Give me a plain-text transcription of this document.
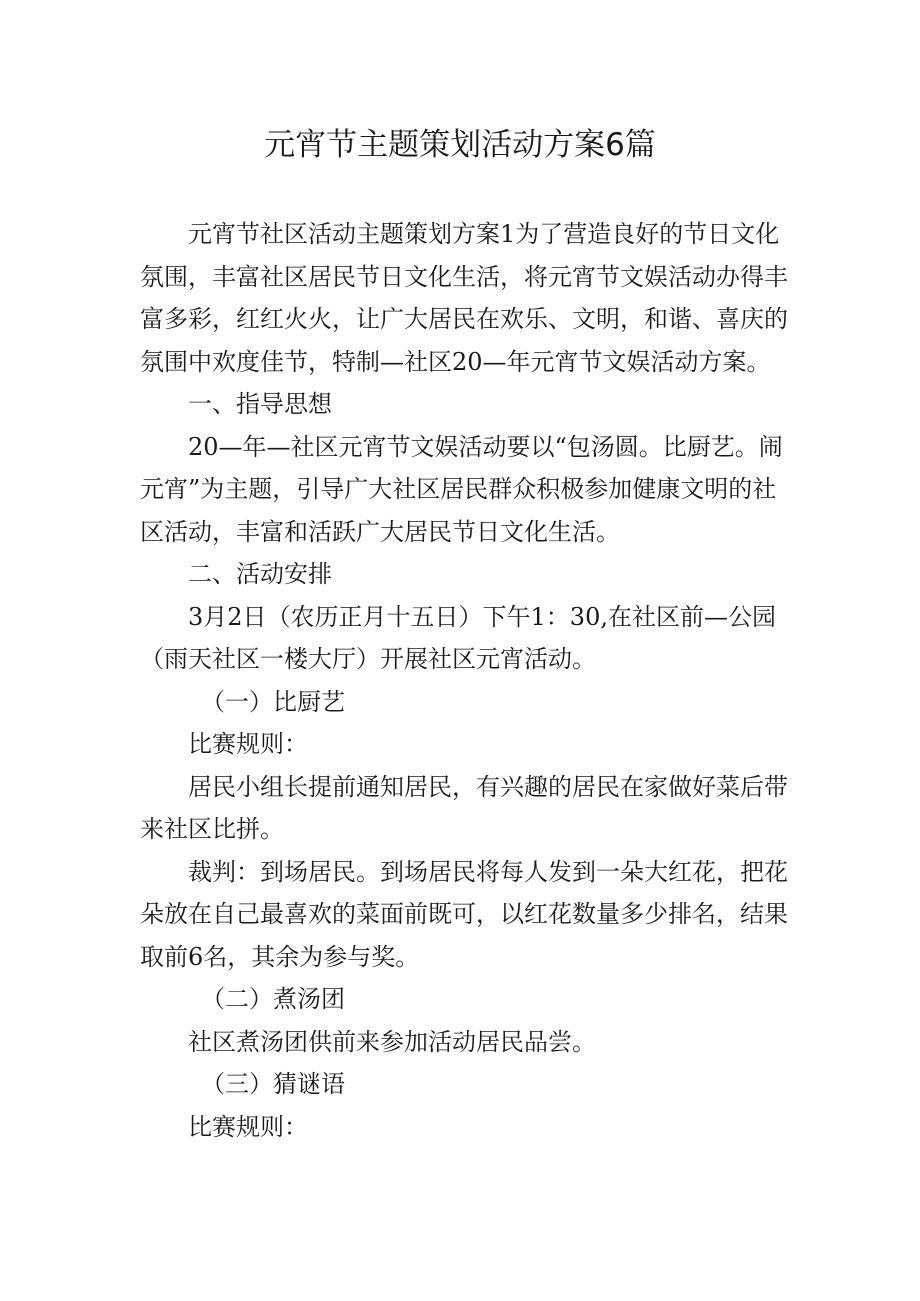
元宵节主题策划活动方案6篇

元宵节社区活动主题策划方案1为了营造良好的节日文化氛围，丰富社区居民节日文化生活，将元宵节文娱活动办得丰富多彩，红红火火，让广大居民在欢乐、文明，和谐、喜庆的氛围中欢度佳节，特制—社区20—年元宵节文娱活动方案。

一、指导思想

20—年—社区元宵节文娱活动要以“包汤圆。比厨艺。闹元宵”为主题，引导广大社区居民群众积极参加健康文明的社区活动，丰富和活跃广大居民节日文化生活。

二、活动安排

3月2日（农历正月十五日）下午1：30,在社区前—公园（雨天社区一楼大厅）开展社区元宵活动。

（一）比厨艺

比赛规则：

居民小组长提前通知居民，有兴趣的居民在家做好菜后带来社区比拼。

裁判：到场居民。到场居民将每人发到一朵大红花，把花朵放在自己最喜欢的菜面前既可，以红花数量多少排名，结果取前6名，其余为参与奖。

（二）煮汤团

社区煮汤团供前来参加活动居民品尝。

（三）猜谜语

比赛规则：
